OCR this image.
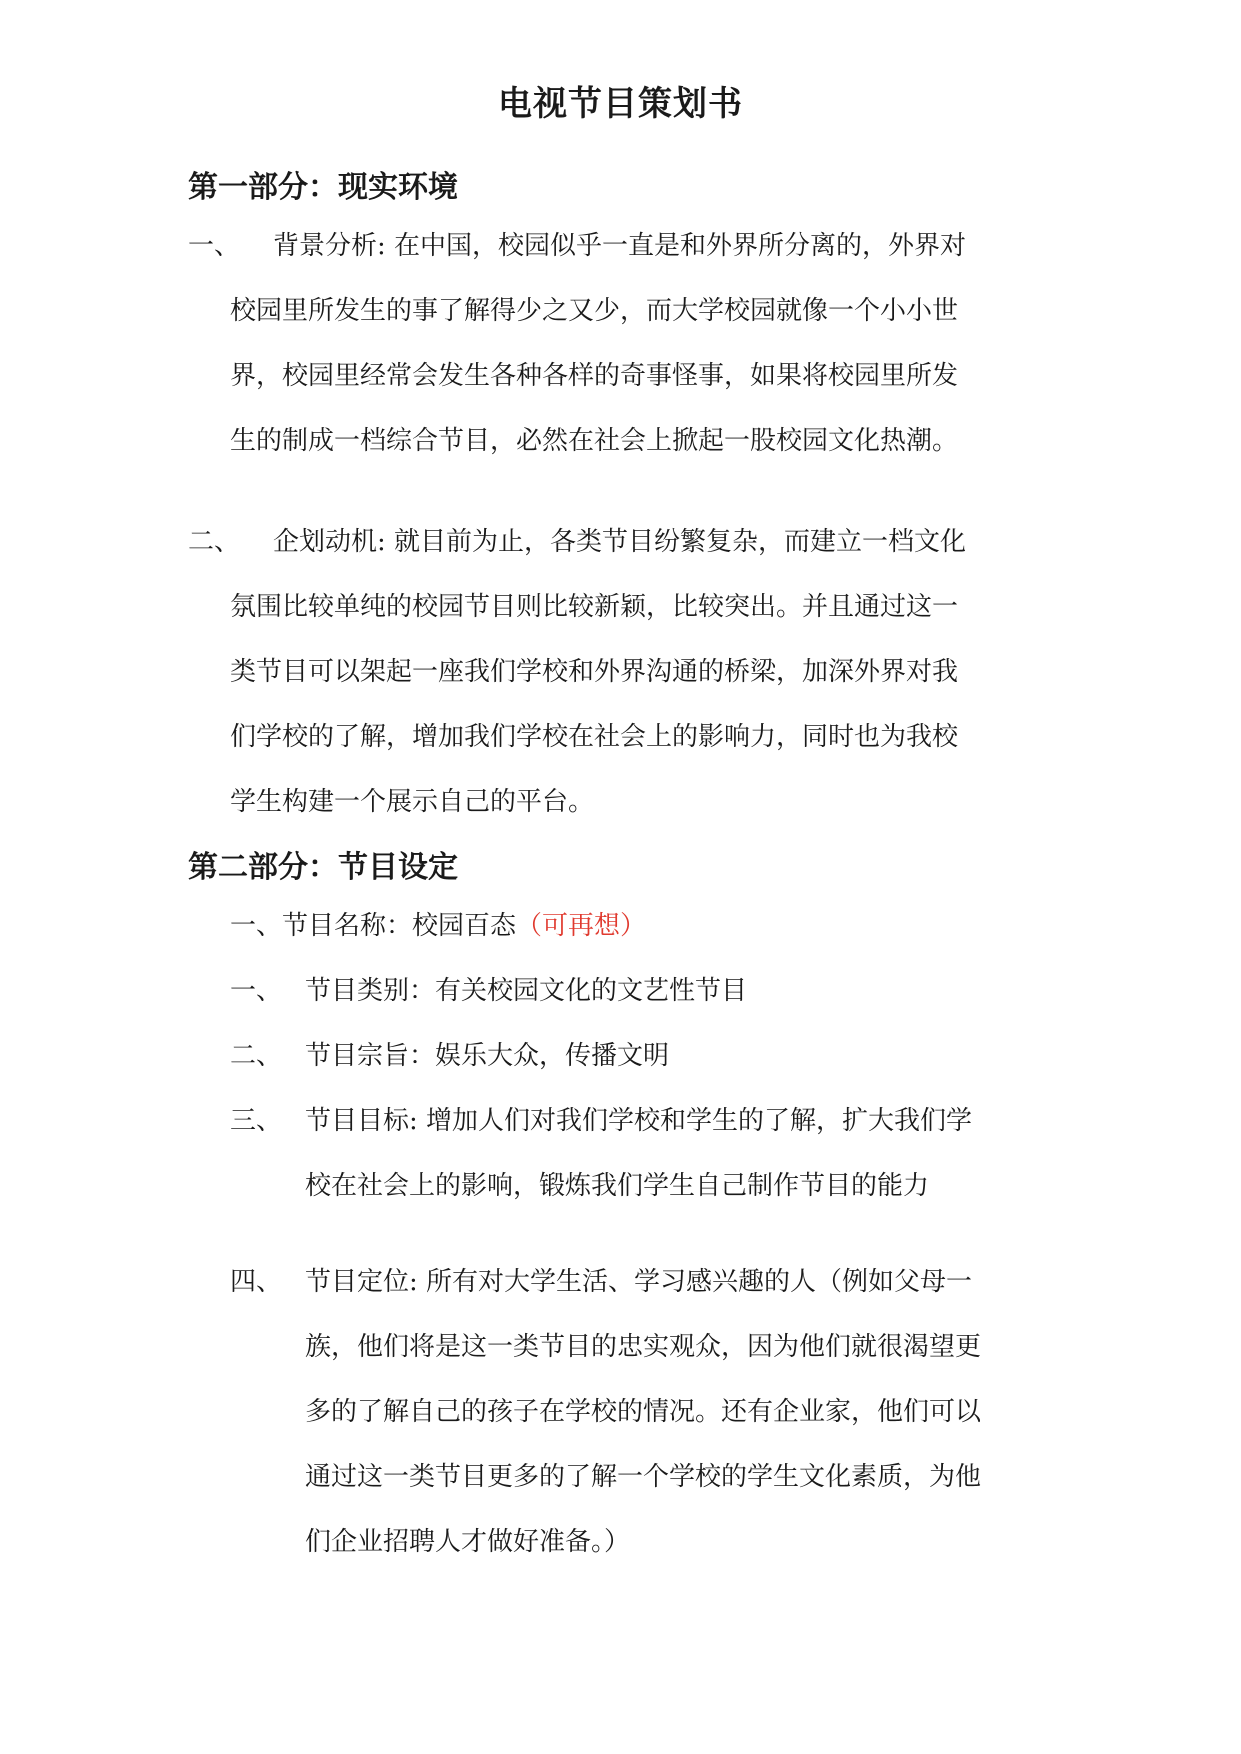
电视节目策划书
第一部分：现实环境
一、 背景分析: 在中国，校园似乎一直是和外界所分离的，外界对
校园里所发生的事了解得少之又少，而大学校园就像一个小小世
界，校园里经常会发生各种各样的奇事怪事，如果将校园里所发
生的制成一档综合节目，必然在社会上掀起一股校园文化热潮。
二、 企划动机: 就目前为止，各类节目纷繁复杂，而建立一档文化
氛围比较单纯的校园节目则比较新颖，比较突出。并且通过这一
类节目可以架起一座我们学校和外界沟通的桥梁，加深外界对我
们学校的了解，增加我们学校在社会上的影响力，同时也为我校
学生构建一个展示自己的平台。
第二部分：节目设定
一、节目名称：校园百态（可再想）
一、 节目类别：有关校园文化的文艺性节目
二、 节目宗旨：娱乐大众，传播文明
三、 节目目标: 增加人们对我们学校和学生的了解，扩大我们学
校在社会上的影响，锻炼我们学生自己制作节目的能力
四、 节目定位: 所有对大学生活、学习感兴趣的人（例如父母一
族，他们将是这一类节目的忠实观众，因为他们就很渴望更
多的了解自己的孩子在学校的情况。还有企业家，他们可以
通过这一类节目更多的了解一个学校的学生文化素质，为他
们企业招聘人才做好准备。）
